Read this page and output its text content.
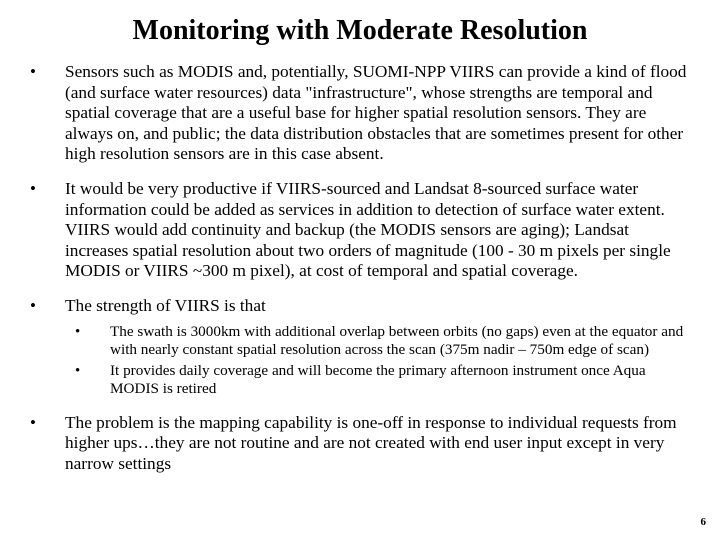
Monitoring with Moderate Resolution
• Sensors such as MODIS and, potentially, SUOMI-NPP VIIRS can provide a kind of flood (and surface water resources) data "infrastructure", whose strengths are temporal and spatial coverage that are a useful base for higher spatial resolution sensors. They are always on, and public; the data distribution obstacles that are sometimes present for other high resolution sensors are in this case absent.
• It would be very productive if VIIRS-sourced and Landsat 8-sourced surface water information could be added as services in addition to detection of surface water extent. VIIRS would add continuity and backup (the MODIS sensors are aging); Landsat increases spatial resolution about two orders of magnitude (100 - 30 m pixels per single MODIS or VIIRS ~300 m pixel), at cost of temporal and spatial coverage.
• The strength of VIIRS is that
• The swath is 3000km with additional overlap between orbits (no gaps) even at the equator and with nearly constant spatial resolution across the scan (375m nadir – 750m edge of scan)
• It provides daily coverage and will become the primary afternoon instrument once Aqua MODIS is retired
• The problem is the mapping capability is one-off in response to individual requests from higher ups…they are not routine and are not created with end user input except in very narrow settings
6
